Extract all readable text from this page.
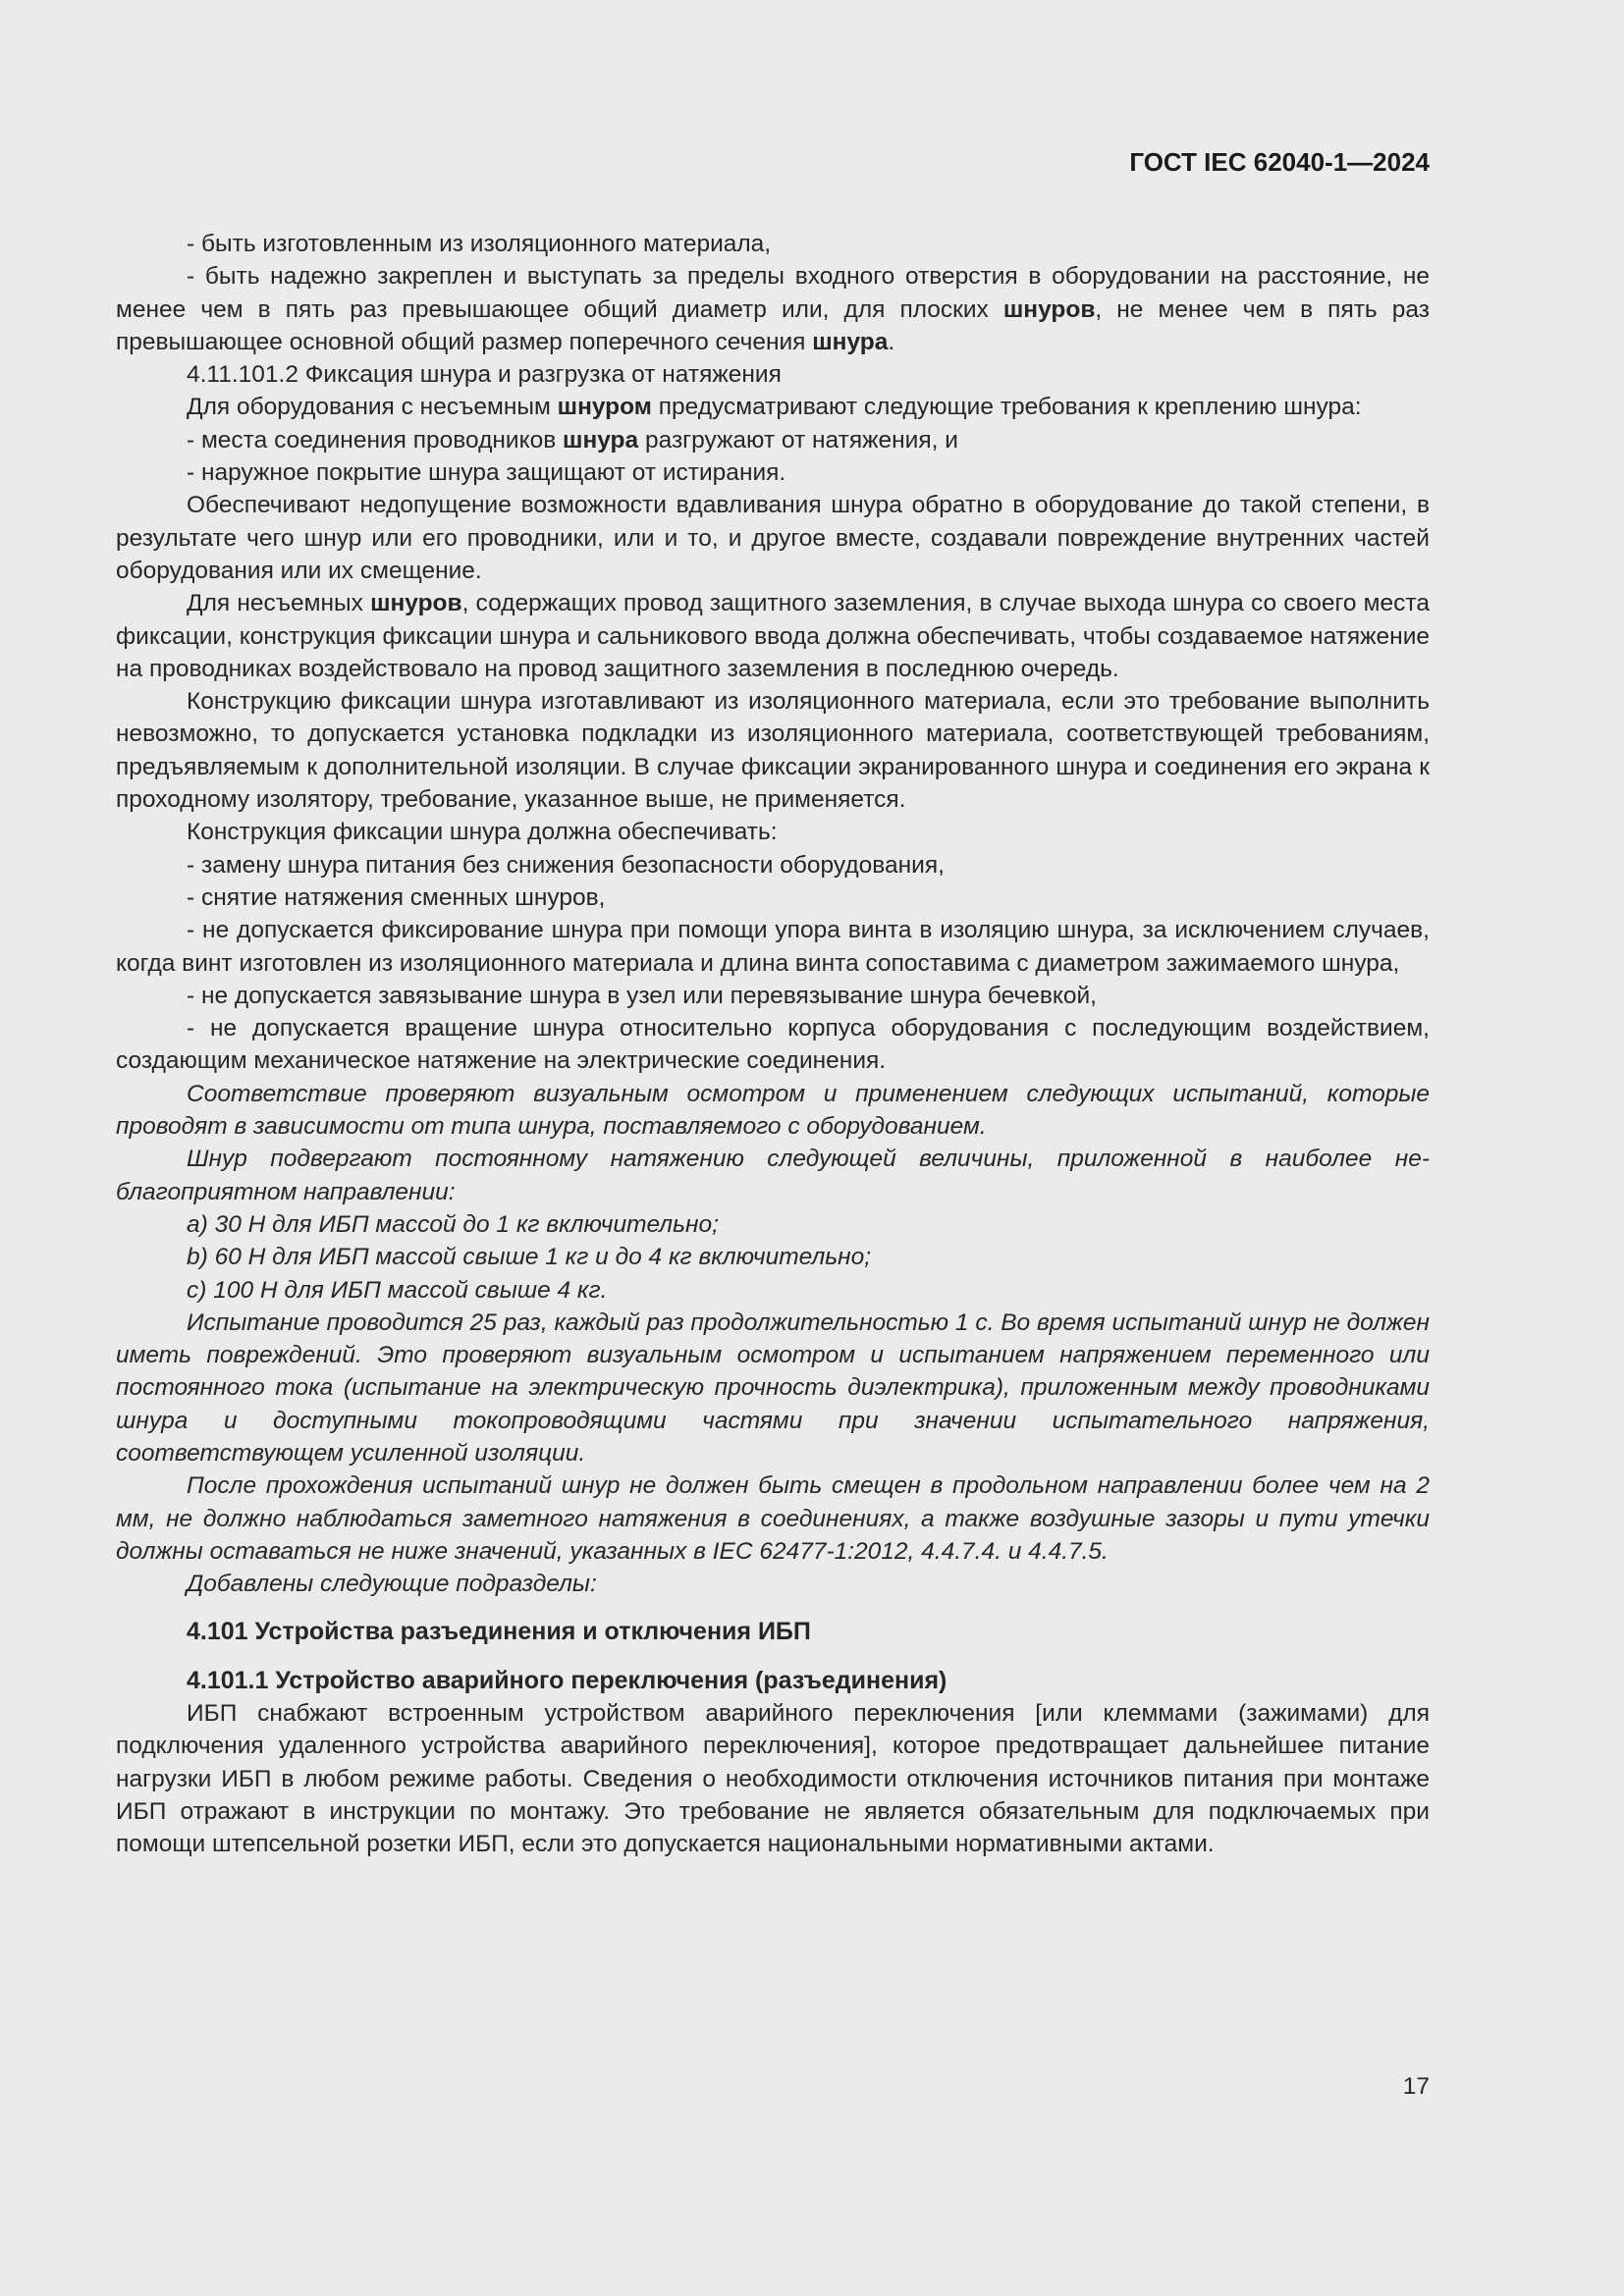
ГОСТ IEC 62040-1—2024

- быть изготовленным из изоляционного материала,

- быть надежно закреплен и выступать за пределы входного отверстия в оборудовании на расстояние, не менее чем в пять раз превышающее общий диаметр или, для плоских шнуров, не менее чем в пять раз превышающее основной общий размер поперечного сечения шнура.

4.11.101.2 Фиксация шнура и разгрузка от натяжения

Для оборудования с несъемным шнуром предусматривают следующие требования к креплению шнура:

- места соединения проводников шнура разгружают от натяжения, и

- наружное покрытие шнура защищают от истирания.

Обеспечивают недопущение возможности вдавливания шнура обратно в оборудование до такой степени, в результате чего шнур или его проводники, или и то, и другое вместе, создавали повреждение внутренних частей оборудования или их смещение.

Для несъемных шнуров, содержащих провод защитного заземления, в случае выхода шнура со своего места фиксации, конструкция фиксации шнура и сальникового ввода должна обеспечивать, чтобы создаваемое натяжение на проводниках воздействовало на провод защитного заземления в последнюю очередь.

Конструкцию фиксации шнура изготавливают из изоляционного материала, если это требование выполнить невозможно, то допускается установка подкладки из изоляционного материала, соответствующей требованиям, предъявляемым к дополнительной изоляции. В случае фиксации экранированного шнура и соединения его экрана к проходному изолятору, требование, указанное выше, не применяется.

Конструкция фиксации шнура должна обеспечивать:

- замену шнура питания без снижения безопасности оборудования,

- снятие натяжения сменных шнуров,

- не допускается фиксирование шнура при помощи упора винта в изоляцию шнура, за исключением случаев, когда винт изготовлен из изоляционного материала и длина винта сопоставима с диаметром зажимаемого шнура,

- не допускается завязывание шнура в узел или перевязывание шнура бечевкой,

- не допускается вращение шнура относительно корпуса оборудования с последующим воздействием, создающим механическое натяжение на электрические соединения.

Соответствие проверяют визуальным осмотром и применением следующих испытаний, которые проводят в зависимости от типа шнура, поставляемого с оборудованием.

Шнур подвергают постоянному натяжению следующей величины, приложенной в наиболее неблагоприятном направлении:

a) 30 Н для ИБП массой до 1 кг включительно;

b) 60 Н для ИБП массой свыше 1 кг и до 4 кг включительно;

c) 100 Н для ИБП массой свыше 4 кг.

Испытание проводится 25 раз, каждый раз продолжительностью 1 с. Во время испытаний шнур не должен иметь повреждений. Это проверяют визуальным осмотром и испытанием напряжением переменного или постоянного тока (испытание на электрическую прочность диэлектрика), приложенным между проводниками шнура и доступными токопроводящими частями при значении испытательного напряжения, соответствующем усиленной изоляции.

После прохождения испытаний шнур не должен быть смещен в продольном направлении более чем на 2 мм, не должно наблюдаться заметного натяжения в соединениях, а также воздушные зазоры и пути утечки должны оставаться не ниже значений, указанных в IEC 62477-1:2012, 4.4.7.4. и 4.4.7.5.

Добавлены следующие подразделы:

4.101 Устройства разъединения и отключения ИБП
4.101.1 Устройство аварийного переключения (разъединения)

ИБП снабжают встроенным устройством аварийного переключения [или клеммами (зажимами) для подключения удаленного устройства аварийного переключения], которое предотвращает дальнейшее питание нагрузки ИБП в любом режиме работы. Сведения о необходимости отключения источников питания при монтаже ИБП отражают в инструкции по монтажу. Это требование не является обязательным для подключаемых при помощи штепсельной розетки ИБП, если это допускается национальными нормативными актами.

17
